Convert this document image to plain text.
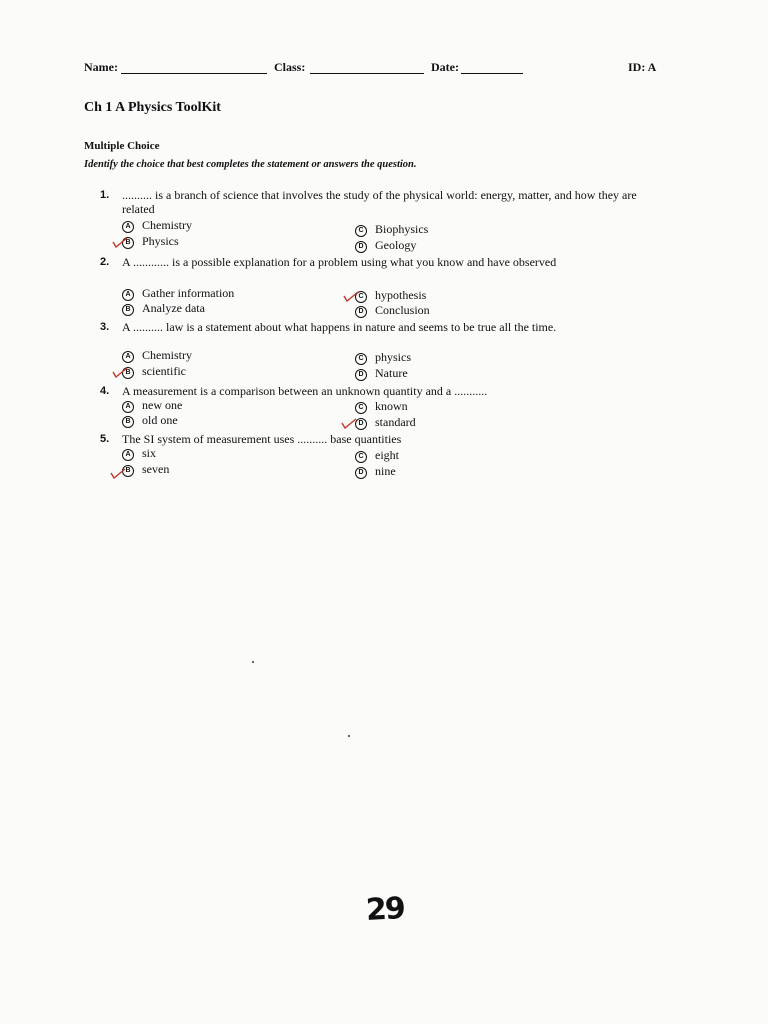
Name:	Class:	Date:	ID: A
Ch 1 A Physics ToolKit
Multiple Choice
Identify the choice that best completes the statement or answers the question.
1. .......... is a branch of science that involves the study of the physical world: energy, matter, and how they are related
A Chemistry
B Physics
C Biophysics
D Geology
2. A ............ is a possible explanation for a problem using what you know and have observed
A Gather information
B Analyze data
C hypothesis
D Conclusion
3. A .......... law is a statement about what happens in nature and seems to be true all the time.
A Chemistry
B scientific
C physics
D Nature
4. A measurement is a comparison between an unknown quantity and a ...........
A new one
B old one
C known
D standard
5. The SI system of measurement uses .......... base quantities
A six
B seven
C eight
D nine
29
